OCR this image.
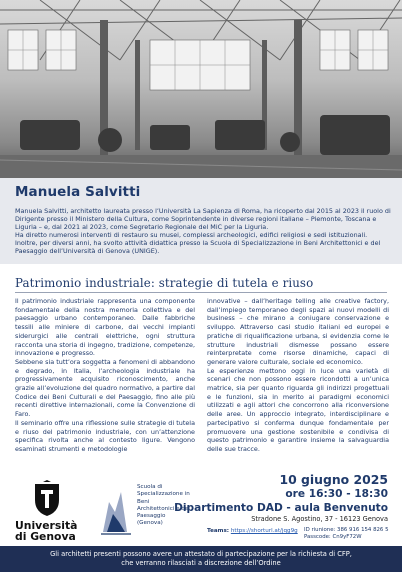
Manuela Salvitti

Manuela Salvitti, architetto laureata presso l’Università La Sapienza di Roma, ha ricoperto dal 2015 al 2023 il ruolo di Dirigente presso il Ministero della Cultura, come Soprintendente in diverse regioni italiane – Piemonte, Toscana e Liguria – e, dal 2021 al 2023, come Segretario Regionale del MiC per la Liguria.

Ha diretto numerosi interventi di restauro su musei, complessi archeologici, edifici religiosi e sedi istituzionali.

Inoltre, per diversi anni, ha svolto attività didattica presso la Scuola di Specializzazione in Beni Architettonici e del Paesaggio dell’Università di Genova (UNIGE).

Patrimonio industriale: strategie di tutela e riuso

Il patrimonio industriale rappresenta una componente fondamentale della nostra memoria collettiva e del paesaggio urbano contemporaneo. Dalle fabbriche tessili alle miniere di carbone, dai vecchi impianti siderurgici alle centrali elettriche, ogni struttura racconta una storia di ingegno, tradizione, competenze, innovazione e progresso.

Sebbene sia tutt’ora soggetta a fenomeni di abbandono e degrado, in Italia, l’archeologia industriale ha progressivamente acquisito riconoscimento, anche grazie all’evoluzione del quadro normativo, a partire dal Codice dei Beni Culturali e del Paesaggio, fino alle più recenti direttive internazionali, come la Convenzione di Faro.

Il seminario offre una riflessione sulle strategie di tutela e riuso del patrimonio industriale, con un’attenzione specifica rivolta anche al contesto ligure. Vengono esaminati strumenti e metodologie

innovative – dall’heritage telling alle creative factory, dall’impiego temporaneo degli spazi ai nuovi modelli di business – che mirano a coniugare conservazione e sviluppo. Attraverso casi studio italiani ed europei e pratiche di riqualificazione urbana, si evidenzia come le strutture industriali dismesse possano essere reinterpretate come risorse dinamiche, capaci di generare valore culturale, sociale ed economico.

Le esperienze mettono oggi in luce una varietà di scenari che non possono essere ricondotti a un’unica matrice, sia per quanto riguarda gli indirizzi progettuali e le funzioni, sia in merito ai paradigmi economici utilizzati e agli attori che concorrono alla riconversione delle aree. Un approccio integrato, interdisciplinare e partecipativo si conferma dunque fondamentale per promuovere una gestione sostenibile e condivisa di questo patrimonio e garantire insieme la salvaguardia delle sue tracce.

Università
di Genova
Scuola di
Specializzazione in
Beni
Architettonici e del
Paesaggio
(Genova)
10 giugno 2025
ore 16:30 - 18:30
Dipartimento DAD - aula Benvenuto
Stradone S. Agostino, 37 - 16123 Genova
Teams: https://shorturl.at/jqg9g ID riunione: 386 916 154 826 5
Passcode: Cn9yF72W
Gli architetti presenti possono avere un attestato di partecipazione per la richiesta di CFP,
che verranno rilasciati a discrezione dell’Ordine
